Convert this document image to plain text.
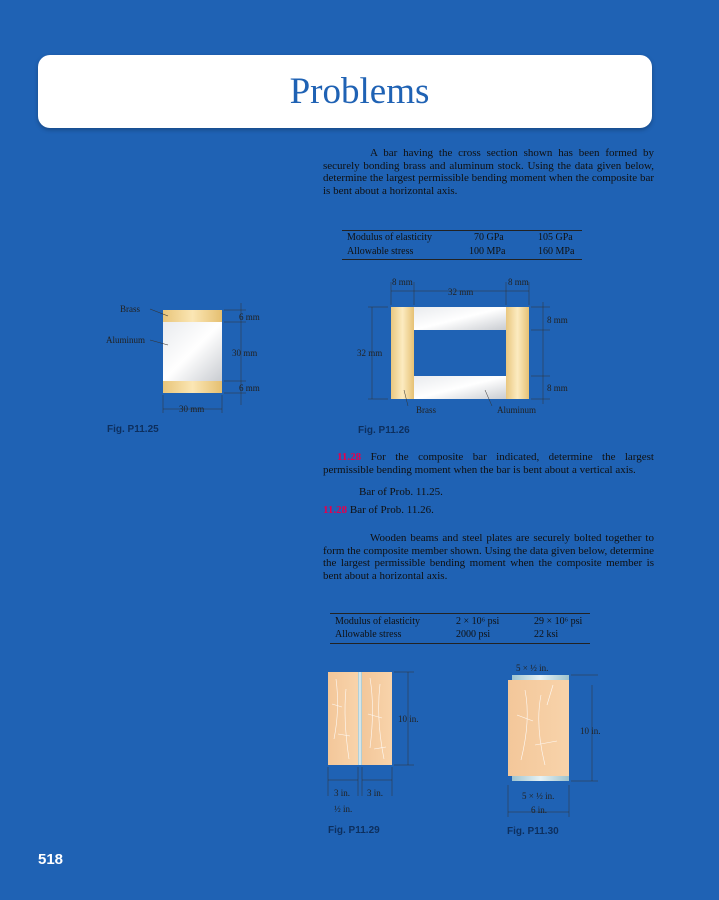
Problems
A bar having the cross section shown has been formed by securely bonding brass and aluminum stock. Using the data given below, determine the largest permissible bending moment when the composite bar is bent about a horizontal axis.
Modulus of elasticity	70 GPa	105 GPa
Allowable stress	100 MPa	160 MPa
Brass
Aluminum
6 mm
30 mm
6 mm
30 mm
Fig. P11.25
8 mm
32 mm
8 mm
8 mm
32 mm
8 mm
Brass	Aluminum
Fig. P11.26
11.28 For the composite bar indicated, determine the largest permissible bending moment when the bar is bent about a vertical axis.
Bar of Prob. 11.25.
11.28 Bar of Prob. 11.26.
Wooden beams and steel plates are securely bolted together to form the composite member shown. Using the data given below, determine the largest permissible bending moment when the composite member is bent about a horizontal axis.
Modulus of elasticity	2 × 10⁶ psi	29 × 10⁶ psi
Allowable stress	2000 psi	22 ksi
10 in.
3 in. 3 in.
½ in.
Fig. P11.29
5 × ½ in.
10 in.
5 × ½ in.
6 in.
Fig. P11.30
518
